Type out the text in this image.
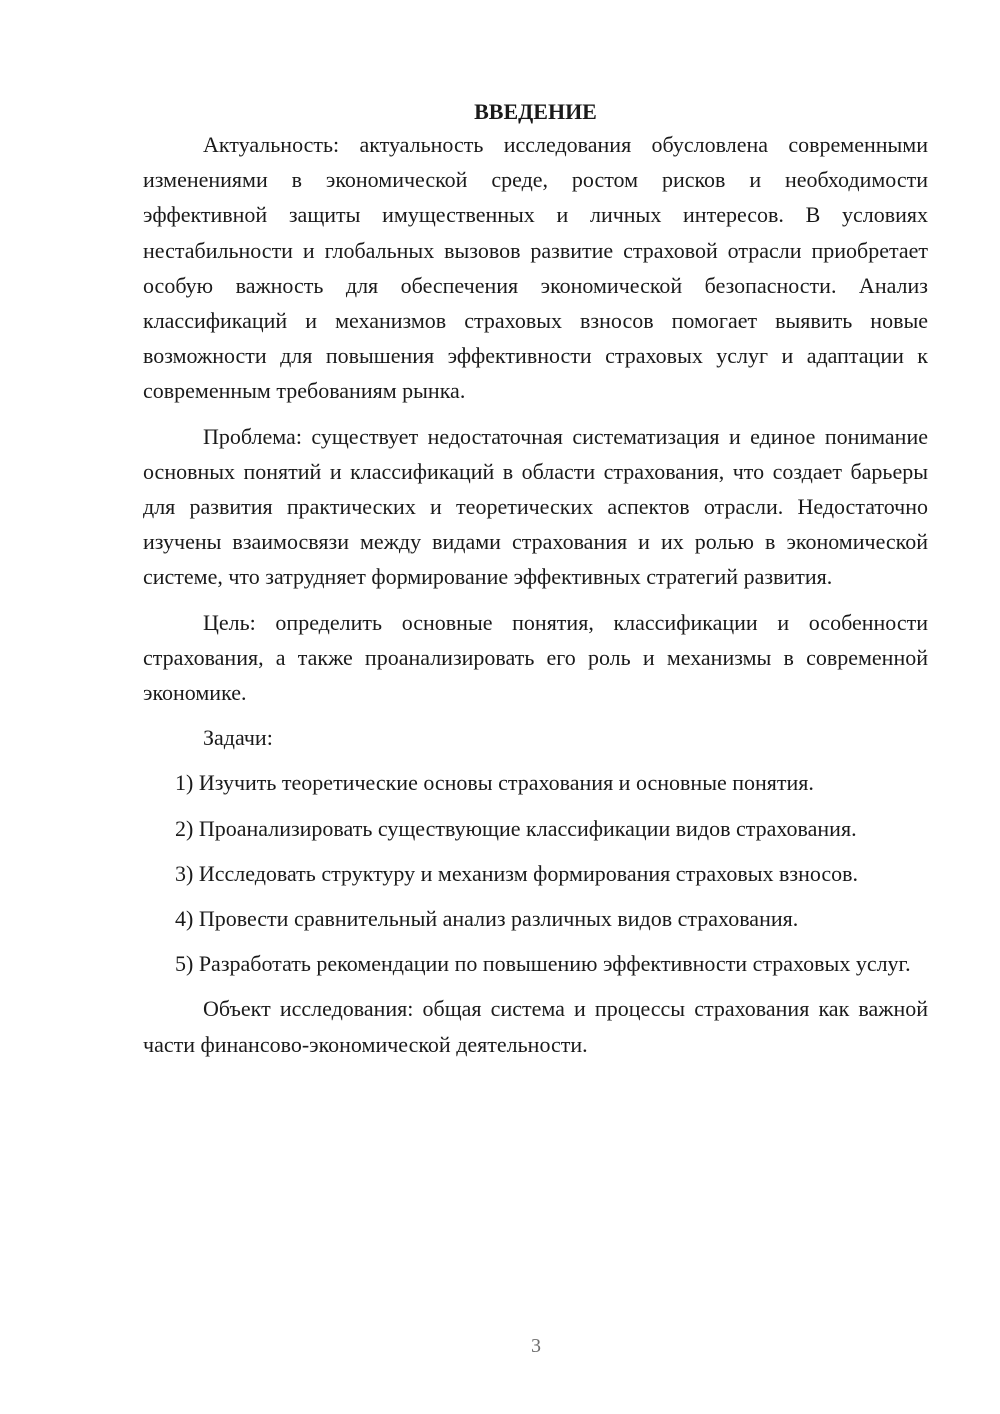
ВВЕДЕНИЕ

Актуальность: актуальность исследования обусловлена современными изменениями в экономической среде, ростом рисков и необходимости эффективной защиты имущественных и личных интересов. В условиях нестабильности и глобальных вызовов развитие страховой отрасли приобретает особую важность для обеспечения экономической безопасности. Анализ классификаций и механизмов страховых взносов помогает выявить новые возможности для повышения эффективности страховых услуг и адаптации к современным требованиям рынка.

Проблема: существует недостаточная систематизация и единое понимание основных понятий и классификаций в области страхования, что создает барьеры для развития практических и теоретических аспектов отрасли. Недостаточно изучены взаимосвязи между видами страхования и их ролью в экономической системе, что затрудняет формирование эффективных стратегий развития.

Цель: определить основные понятия, классификации и особенности страхования, а также проанализировать его роль и механизмы в современной экономике.

Задачи:

1) Изучить теоретические основы страхования и основные понятия.

2) Проанализировать существующие классификации видов страхования.

3) Исследовать структуру и механизм формирования страховых взносов.

4) Провести сравнительный анализ различных видов страхования.

5) Разработать рекомендации по повышению эффективности страховых услуг.

Объект исследования: общая система и процессы страхования как важной части финансово-экономической деятельности.

3
